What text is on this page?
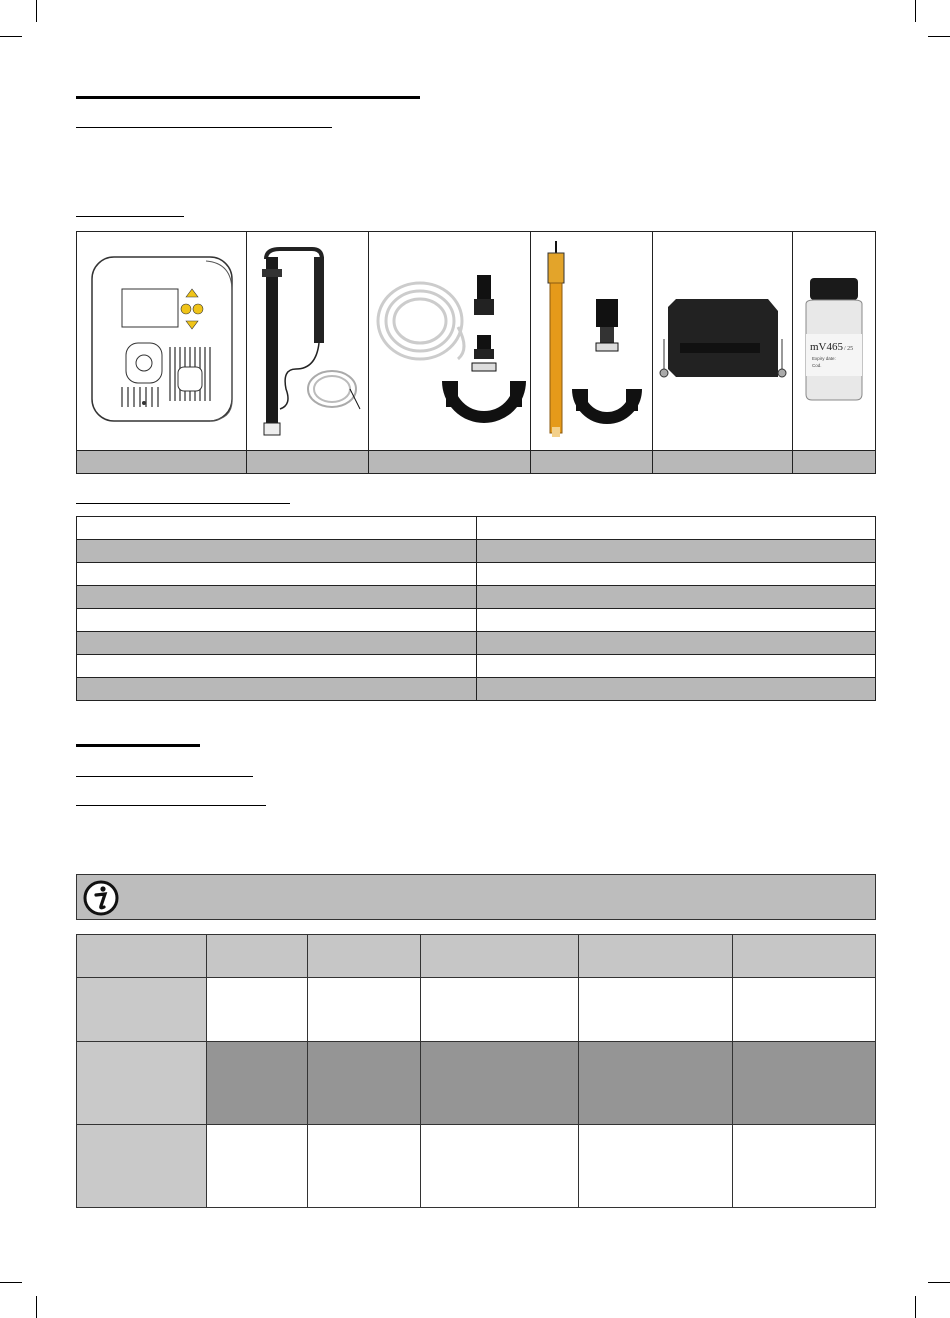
mV465 / 25
Expiry date:
Cod.
